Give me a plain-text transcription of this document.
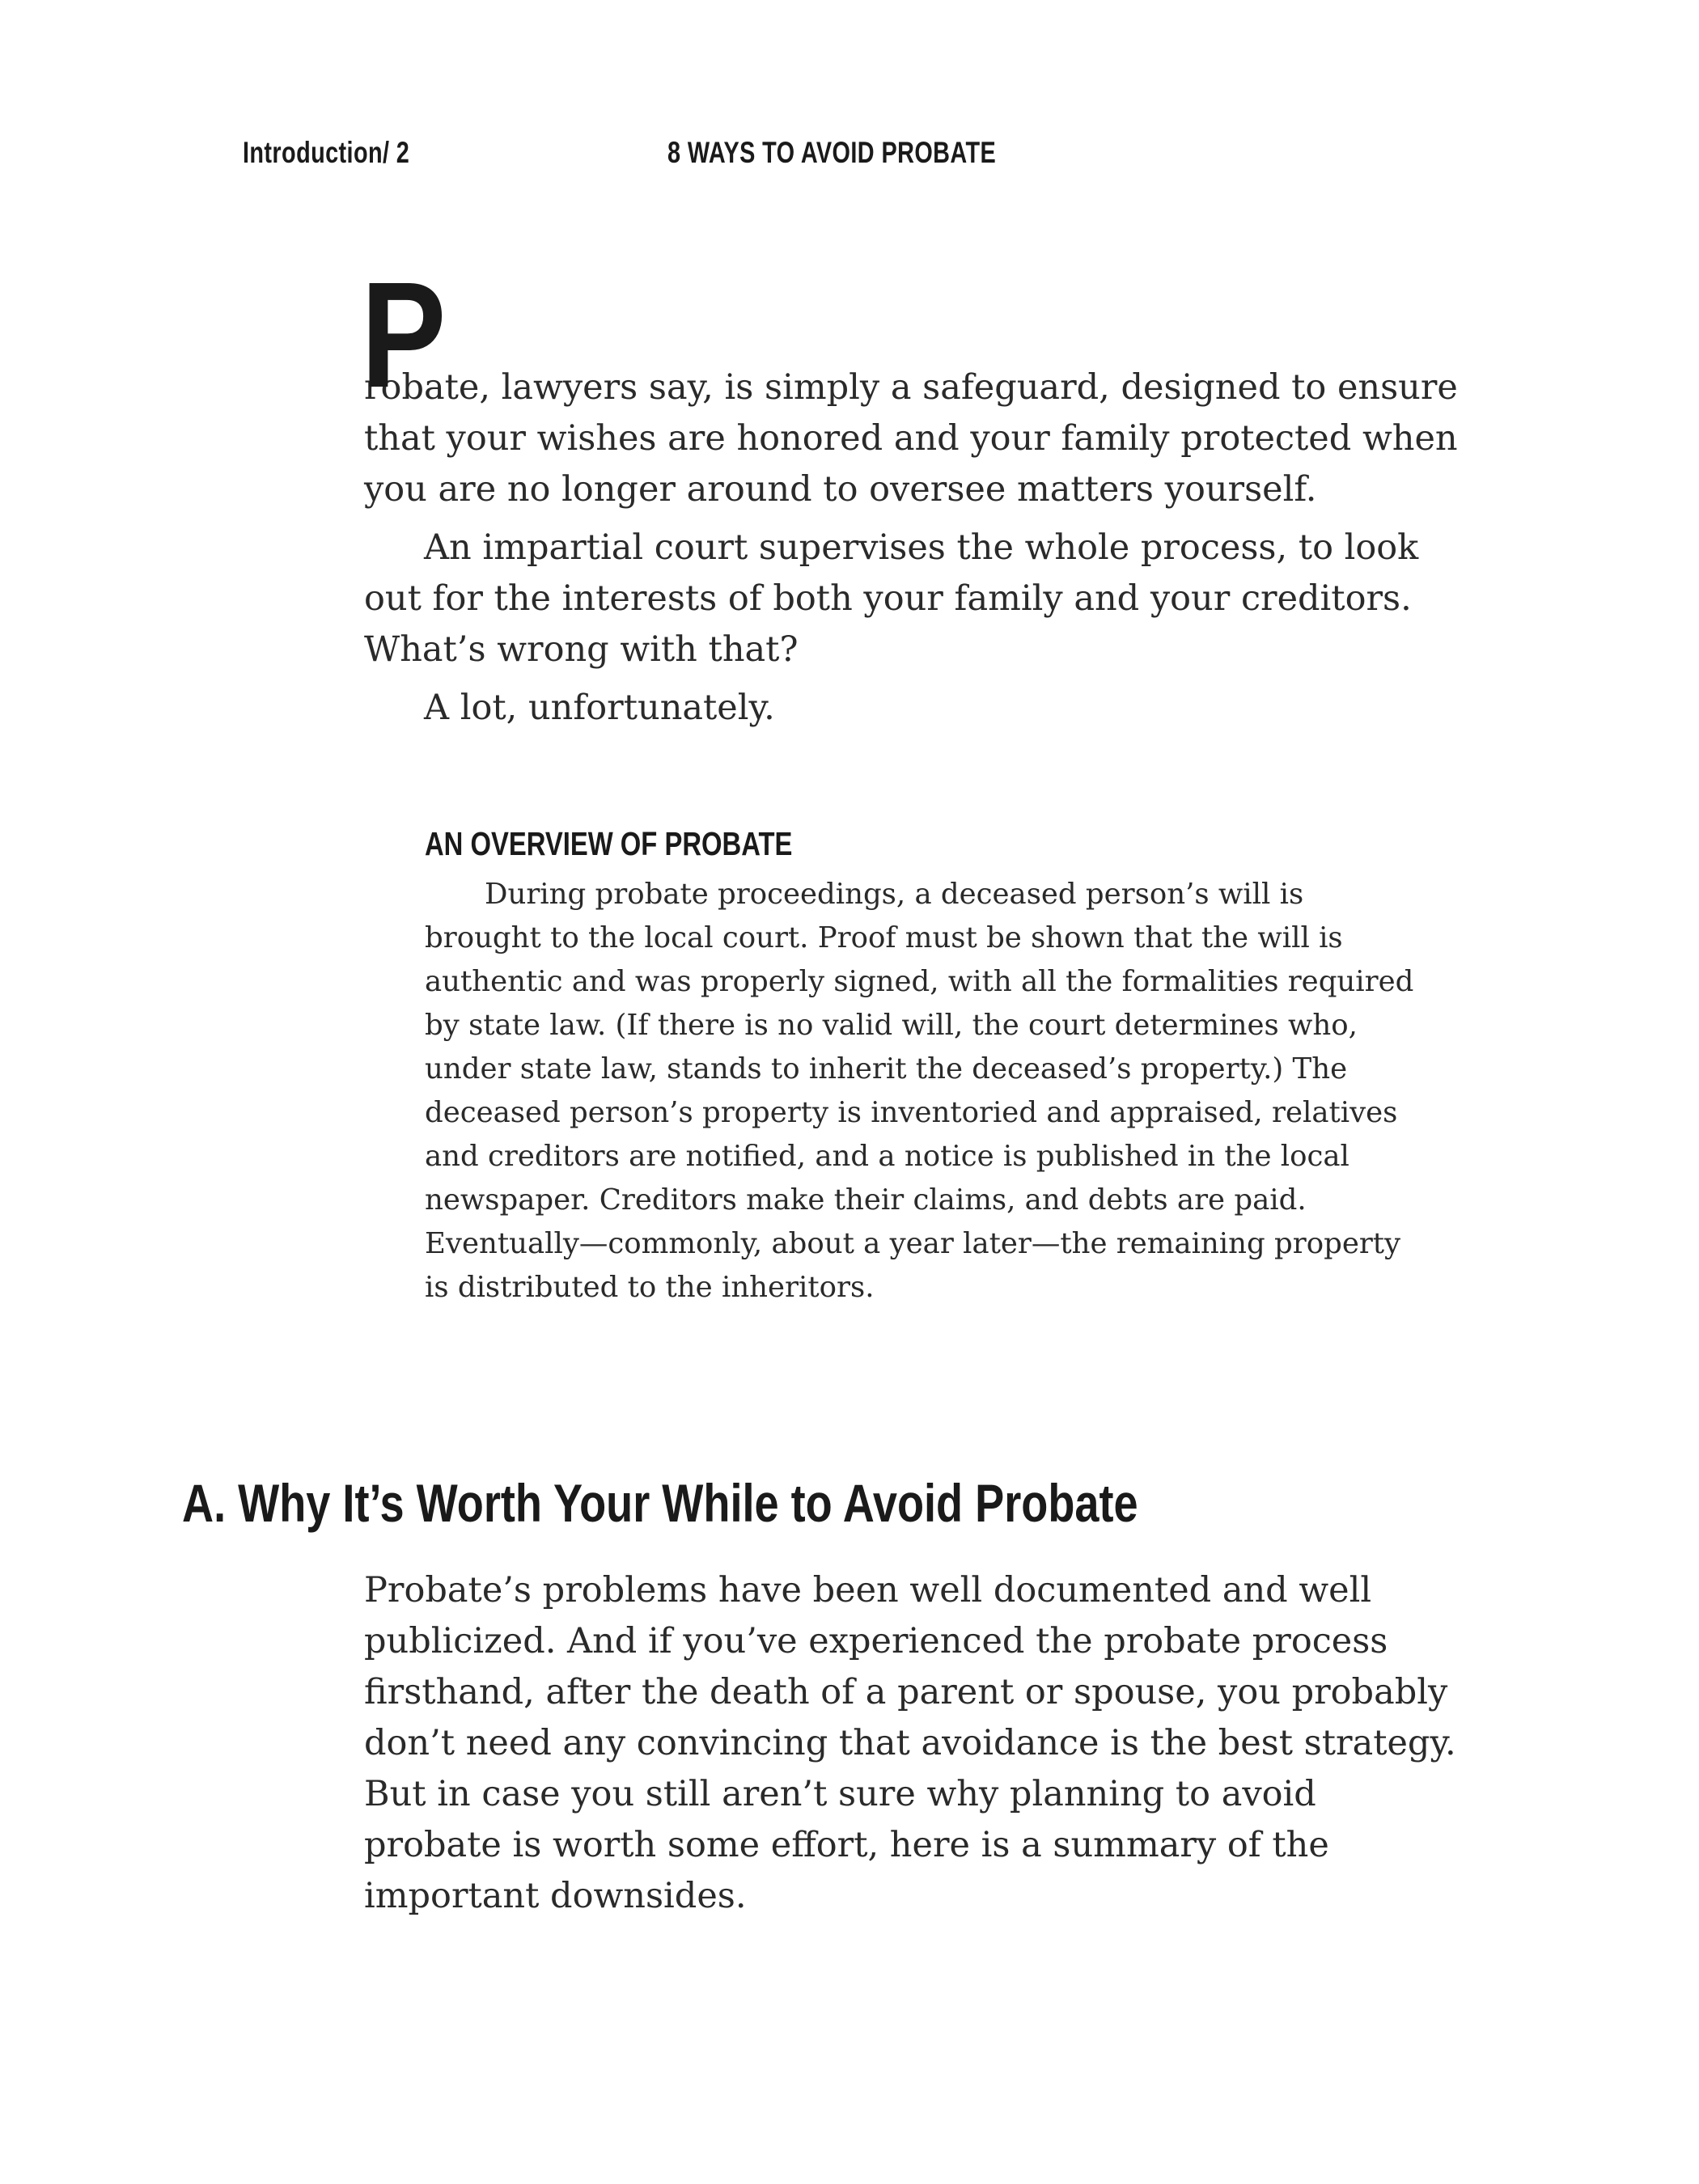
Introduction/ 2	8 WAYS TO AVOID PROBATE

P
robate, lawyers say, is simply a safeguard, designed to ensure that your wishes are honored and your family protected when you are no longer around to oversee matters yourself.

An impartial court supervises the whole process, to look out for the interests of both your family and your creditors. What’s wrong with that?

A lot, unfortunately.

AN OVERVIEW OF PROBATE

During probate proceedings, a deceased person’s will is brought to the local court. Proof must be shown that the will is authentic and was properly signed, with all the formalities required by state law. (If there is no valid will, the court determines who, under state law, stands to inherit the deceased’s property.) The deceased person’s property is inventoried and appraised, relatives and creditors are notified, and a notice is published in the local newspaper. Creditors make their claims, and debts are paid. Eventually—commonly, about a year later—the remaining property is distributed to the inheritors.

A. Why It’s Worth Your While to Avoid Probate

Probate’s problems have been well documented and well publicized. And if you’ve experienced the probate process firsthand, after the death of a parent or spouse, you probably don’t need any convincing that avoidance is the best strategy. But in case you still aren’t sure why planning to avoid probate is worth some effort, here is a summary of the important downsides.
